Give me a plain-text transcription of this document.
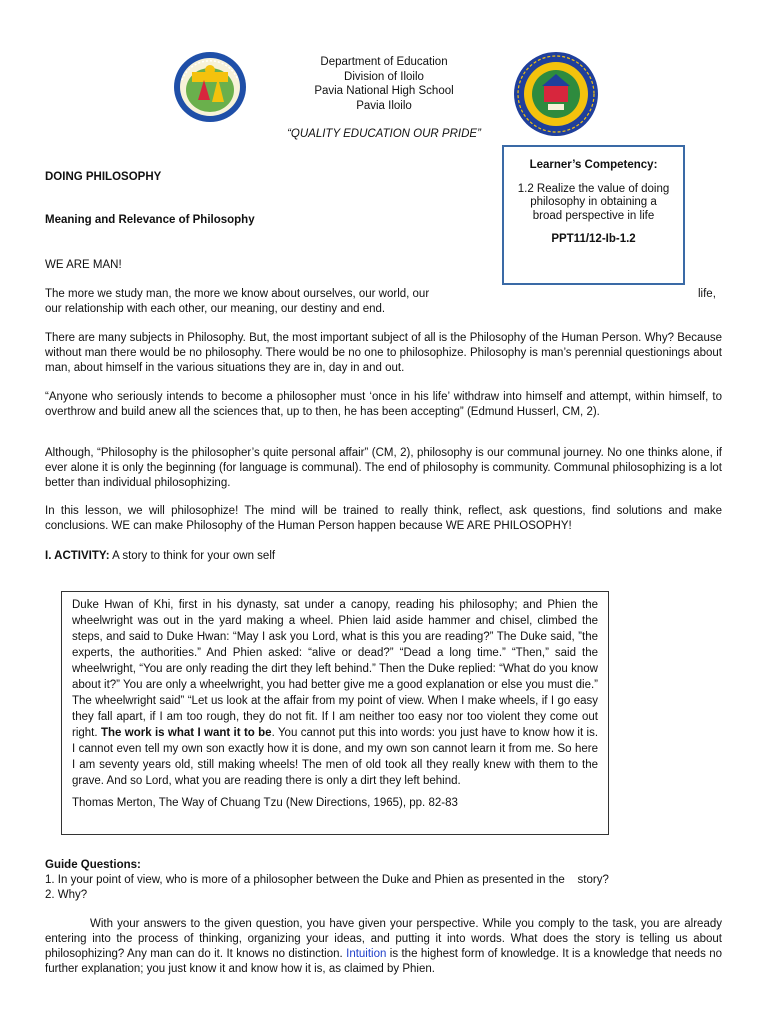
Department of Education
Division of Iloilo
Pavia National High School
Pavia Iloilo
“QUALITY EDUCATION OUR PRIDE”
Learner’s Competency:
1.2 Realize the value of doing philosophy in obtaining a broad perspective in life
PPT11/12-Ib-1.2
DOING PHILOSOPHY
Meaning and Relevance of Philosophy
WE ARE MAN!
The more we study man, the more we know about ourselves, our world, our	life,
our relationship with each other, our meaning, our destiny and end.
There are many subjects in Philosophy. But, the most important subject of all is the Philosophy of the Human Person. Why? Because without man there would be no philosophy. There would be no one to philosophize. Philosophy is man’s perennial questionings about man, about himself in the various situations they are in, day in and out.
“Anyone who seriously intends to become a philosopher must ‘once in his life’ withdraw into himself and attempt, within himself, to overthrow and build anew all the sciences that, up to then, he has been accepting” (Edmund Husserl, CM, 2).
Although, “Philosophy is the philosopher’s quite personal affair” (CM, 2), philosophy is our communal journey. No one thinks alone, if ever alone it is only the beginning (for language is communal). The end of philosophy is community. Communal philosophizing is a lot better than individual philosophizing.
In this lesson, we will philosophize! The mind will be trained to really think, reflect, ask questions, find solutions and make conclusions. WE can make Philosophy of the Human Person happen because WE ARE PHILOSOPHY!
I. ACTIVITY: A story to think for your own self
Duke Hwan of Khi, first in his dynasty, sat under a canopy, reading his philosophy; and Phien the wheelwright was out in the yard making a wheel. Phien laid aside hammer and chisel, climbed the steps, and said to Duke Hwan: “May I ask you Lord, what is this you are reading?” The Duke said, ”the experts, the authorities.” And Phien asked: “alive or dead?” “Dead a long time.” “Then,” said the wheelwright, “You are only reading the dirt they left behind.” Then the Duke replied: “What do you know about it?” You are only a wheelwright, you had better give me a good explanation or else you must die.” The wheelwright said” “Let us look at the affair from my point of view. When I make wheels, if I go easy they fall apart, if I am too rough, they do not fit. If I am neither too easy nor too violent they come out right. The work is what I want it to be. You cannot put this into words: you just have to know how it is. I cannot even tell my own son exactly how it is done, and my own son cannot learn it from me. So here I am seventy years old, still making wheels! The men of old took all they really knew with them to the grave. And so Lord, what you are reading there is only a dirt they left behind.
Thomas Merton, The Way of Chuang Tzu (New Directions, 1965), pp. 82-83
Guide Questions:
1. In your point of view, who is more of a philosopher between the Duke and Phien as presented in the    story?
2. Why?
With your answers to the given question, you have given your perspective. While you comply to the task, you are already entering into the process of thinking, organizing your ideas, and putting it into words. What does the story is telling us about philosophizing? Any man can do it. It knows no distinction. Intuition is the highest form of knowledge. It is a knowledge that needs no further explanation; you just know it and know how it is, as claimed by Phien.
